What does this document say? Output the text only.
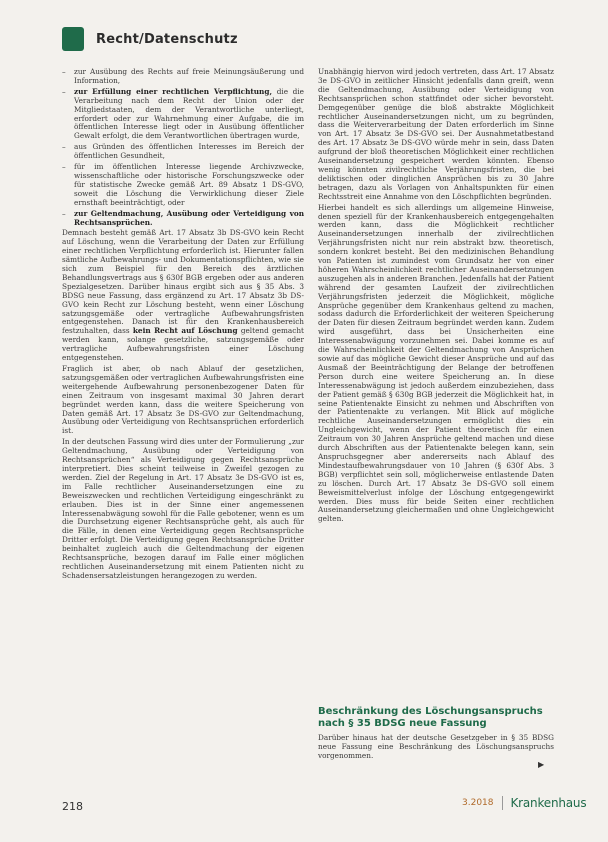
Recht/Datenschutz
–	zur Ausübung des Rechts auf freie Meinungsäußerung und Information,
–	zur Erfüllung einer rechtlichen Verpflichtung, die die Verarbeitung nach dem Recht der Union oder der Mitgliedstaaten, dem der Verantwortliche unterliegt, erfordert oder zur Wahrnehmung einer Aufgabe, die im öffentlichen Interesse liegt oder in Ausübung öffentlicher Gewalt erfolgt, die dem Verantwortlichen übertragen wurde,
–	aus Gründen des öffentlichen Interesses im Bereich der öffentlichen Gesundheit,
–	für im öffentlichen Interesse liegende Archivzwecke, wissenschaftliche oder historische Forschungszwecke oder für statistische Zwecke gemäß Art. 89 Absatz 1 DS-GVO, soweit die Löschung die Verwirklichung dieser Ziele ernsthaft beeinträchtigt, oder
–	zur Geltendmachung, Ausübung oder Verteidigung von Rechtsansprüchen.

Demnach besteht gemäß Art. 17 Absatz 3b DS-GVO kein Recht auf Löschung, wenn die Verarbeitung der Daten zur Erfüllung einer rechtlichen Verpflichtung erforderlich ist. Hierunter fallen sämtliche Aufbewahrungs- und Dokumentationspflichten, wie sie sich zum Beispiel für den Bereich des ärztlichen Behandlungsvertrags aus § 630f BGB ergeben oder aus anderen Spezialgesetzen. Darüber hinaus ergibt sich aus § 35 Abs. 3 BDSG neue Fassung, dass ergänzend zu Art. 17 Absatz 3b DS-GVO kein Recht zur Löschung besteht, wenn einer Löschung satzungsgemäße oder vertragliche Aufbewahrungsfristen entgegenstehen. Danach ist für den Krankenhausbereich festzuhalten, dass kein Recht auf Löschung geltend gemacht werden kann, solange gesetzliche, satzungsgemäße oder vertragliche Aufbewahrungsfristen einer Löschung entgegenstehen.

Fraglich ist aber, ob nach Ablauf der gesetzlichen, satzungsgemäßen oder vertraglichen Aufbewahrungsfristen eine weitergehende Aufbewahrung personenbezogener Daten für einen Zeitraum von insgesamt maximal 30 Jahren derart begründet werden kann, dass die weitere Speicherung von Daten gemäß Art. 17 Absatz 3e DS-GVO zur Geltendmachung, Ausübung oder Verteidigung von Rechtsansprüchen erforderlich ist.

In der deutschen Fassung wird dies unter der Formulierung „zur Geltendmachung, Ausübung oder Verteidigung von Rechtsansprüchen“ als Verteidigung gegen Rechtsansprüche interpretiert. Dies scheint teilweise in Zweifel gezogen zu werden. Ziel der Regelung in Art. 17 Absatz 3e DS-GVO ist es, im Falle rechtlicher Auseinandersetzungen eine zu Beweiszwecken und rechtlichen Verteidigung eingeschränkt zu erlauben. Dies ist in der Sinne einer angemessenen Interessenabwägung sowohl für die Falle gebotener, wenn es um die Durchsetzung eigener Rechtsansprüche geht, als auch für die Fälle, in denen eine Verteidigung gegen Rechtsansprüche Dritter erfolgt. Die Verteidigung gegen Rechtsansprüche Dritter beinhaltet zugleich auch die Geltendmachung der eigenen Rechtsansprüche, bezogen darauf im Falle einer möglichen rechtlichen Auseinandersetzung mit einem Patienten nicht zu Schadensersatzleistungen herangezogen zu werden.

Unabhängig hiervon wird jedoch vertreten, dass Art. 17 Absatz 3e DS-GVO in zeitlicher Hinsicht jedenfalls dann greift, wenn die Geltendmachung, Ausübung oder Verteidigung von Rechtsansprüchen schon stattfindet oder sicher bevorsteht. Demgegenüber genüge die bloß abstrakte Möglichkeit rechtlicher Auseinandersetzungen nicht, um zu begründen, dass die Weiterverarbeitung der Daten erforderlich im Sinne von Art. 17 Absatz 3e DS-GVO sei. Der Ausnahmetatbestand des Art. 17 Absatz 3e DS-GVO würde mehr in sein, dass Daten aufgrund der bloß theoretischen Möglichkeit einer rechtlichen Auseinandersetzung gespeichert werden könnten. Ebenso wenig könnten zivilrechtliche Verjährungsfristen, die bei deliktischen oder dinglichen Ansprüchen bis zu 30 Jahre betragen, dazu als Vorlagen von Anhaltspunkten für einen Rechtsstreit eine Annahme von den Löschpflichten begründen.

Hierbei handelt es sich allerdings um allgemeine Hinweise, denen speziell für der Krankenhausbereich entgegengehalten werden kann, dass die Möglichkeit rechtlicher Auseinandersetzungen innerhalb der zivilrechtlichen Verjährungsfristen nicht nur rein abstrakt bzw. theoretisch, sondern konkret besteht. Bei den medizinischen Behandlung von Patienten ist zumindest vom Grundsatz her von einer höheren Wahrscheinlichkeit rechtlicher Auseinandersetzungen auszugehen als in anderen Branchen. Jedenfalls hat der Patient während der gesamten Laufzeit der zivilrechtlichen Verjährungsfristen jederzeit die Möglichkeit, mögliche Ansprüche gegenüber dem Krankenhaus geltend zu machen, sodass dadurch die Erforderlichkeit der weiteren Speicherung der Daten für diesen Zeitraum begründet werden kann. Zudem wird ausgeführt, dass bei Unsicherheiten eine Interessenabwägung vorzunehmen sei. Dabei komme es auf die Wahrscheinlichkeit der Geltendmachung von Ansprüchen sowie auf das mögliche Gewicht dieser Ansprüche und auf das Ausmaß der Beeinträchtigung der Belange der betroffenen Person durch eine weitere Speicherung an. In diese Interessenabwägung ist jedoch außerdem einzubeziehen, dass der Patient gemäß § 630g BGB jederzeit die Möglichkeit hat, in seine Patientenakte Einsicht zu nehmen und Abschriften von der Patientenakte zu verlangen. Mit Blick auf mögliche rechtliche Auseinandersetzungen ermöglicht dies ein Ungleichgewicht, wenn der Patient theoretisch für einen Zeitraum von 30 Jahren Ansprüche geltend machen und diese durch Abschriften aus der Patientenakte belegen kann, sein Anspruchsgegner aber andererseits nach Ablauf des Mindestaufbewahrungsdauer von 10 Jahren (§ 630f Abs. 3 BGB) verpflichtet sein soll, möglicherweise entlastende Daten zu löschen. Durch Art. 17 Absatz 3e DS-GVO soll einem Beweismittelverlust infolge der Löschung entgegengewirkt werden. Dies muss für beide Seiten einer rechtlichen Auseinandersetzung gleichermaßen und ohne Ungleichgewicht gelten.

Beschränkung des Löschungsanspruchs nach § 35 BDSG neue Fassung
Darüber hinaus hat der deutsche Gesetzgeber in § 35 BDSG neue Fassung eine Beschränkung des Löschungsanspruchs vorgenommen.
▶
218	3.2018 Krankenhaus
